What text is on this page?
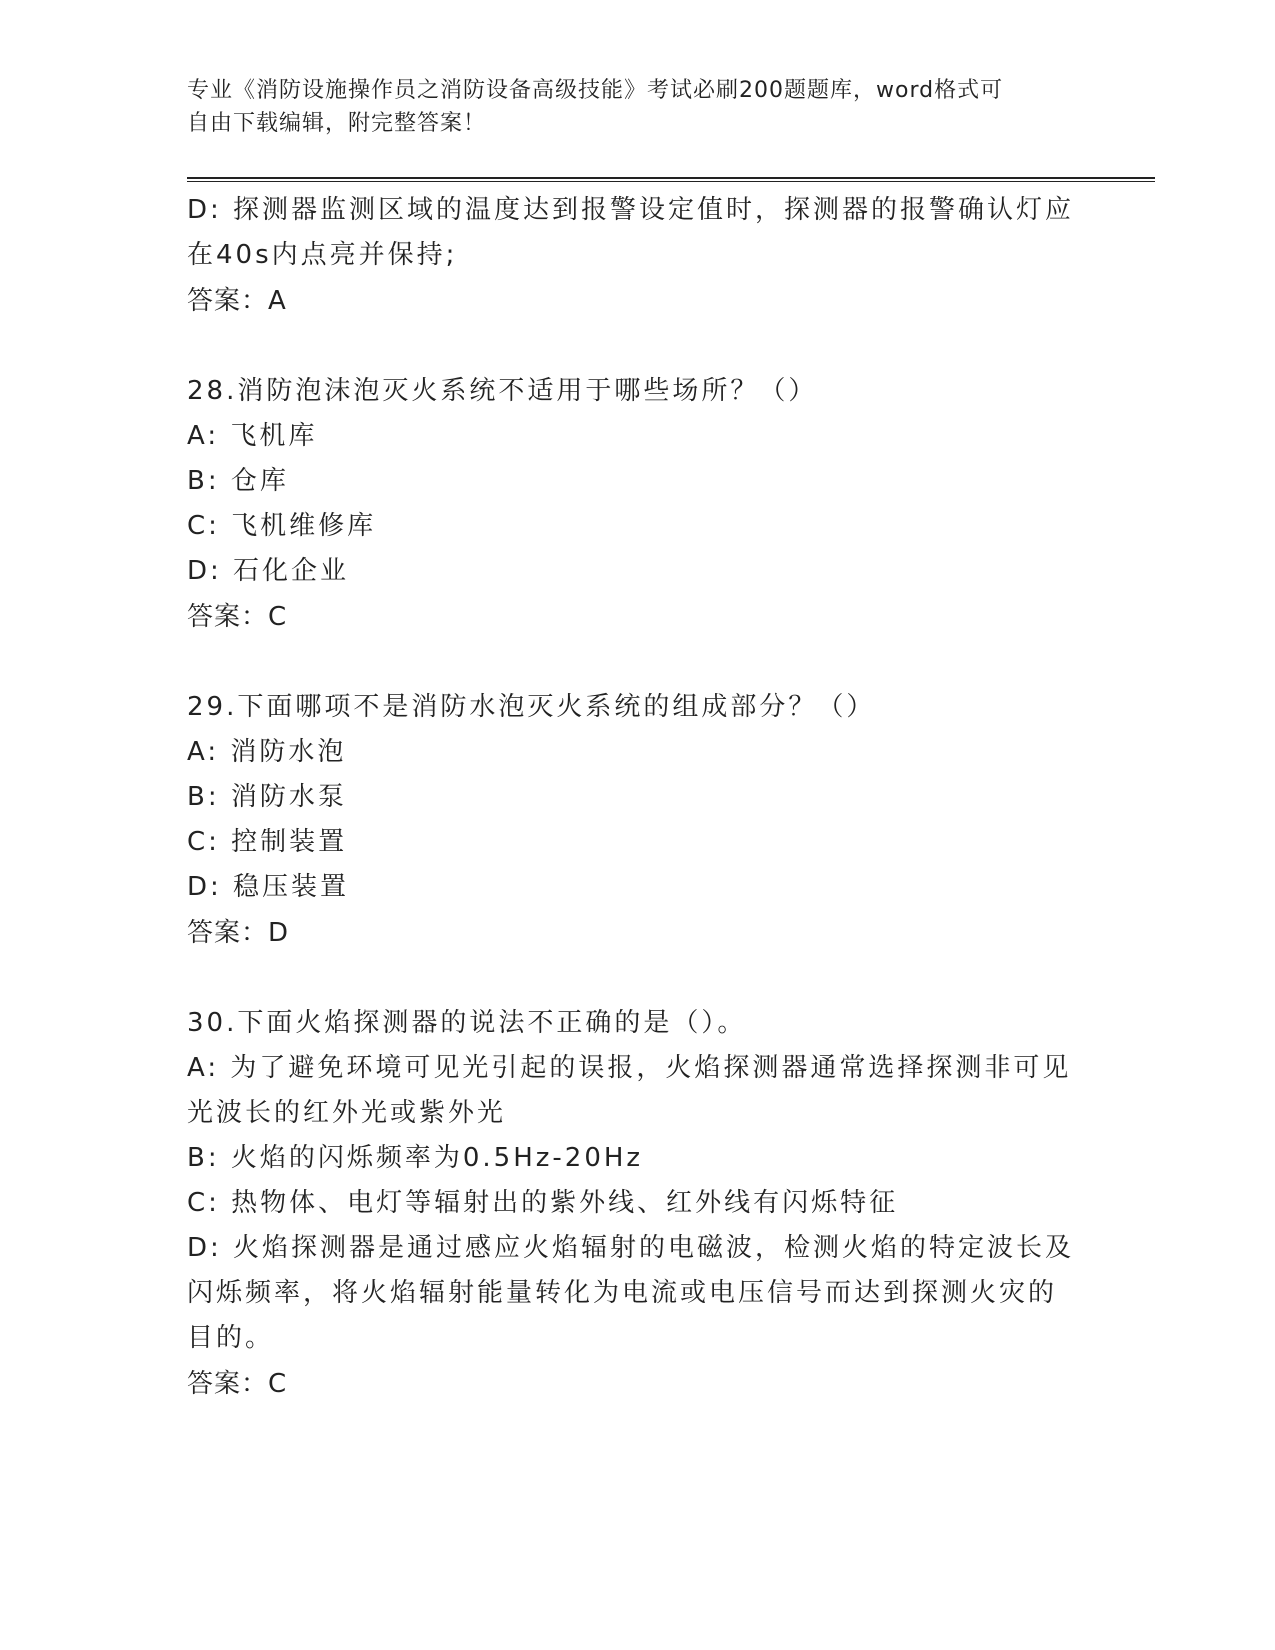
专业《消防设施操作员之消防设备高级技能》考试必刷200题题库，word格式可
自由下载编辑，附完整答案！
D: 探测器监测区域的温度达到报警设定值时，探测器的报警确认灯应
在40s内点亮并保持;
答案：A
28.消防泡沫泡灭火系统不适用于哪些场所？（）
A: 飞机库
B: 仓库
C: 飞机维修库
D: 石化企业
答案：C
29.下面哪项不是消防水泡灭火系统的组成部分？（）
A: 消防水泡
B: 消防水泵
C: 控制装置
D: 稳压装置
答案：D
30.下面火焰探测器的说法不正确的是（）。
A: 为了避免环境可见光引起的误报，火焰探测器通常选择探测非可见
光波长的红外光或紫外光
B: 火焰的闪烁频率为0.5Hz-20Hz
C: 热物体、电灯等辐射出的紫外线、红外线有闪烁特征
D: 火焰探测器是通过感应火焰辐射的电磁波，检测火焰的特定波长及
闪烁频率，将火焰辐射能量转化为电流或电压信号而达到探测火灾的
目的。
答案：C
